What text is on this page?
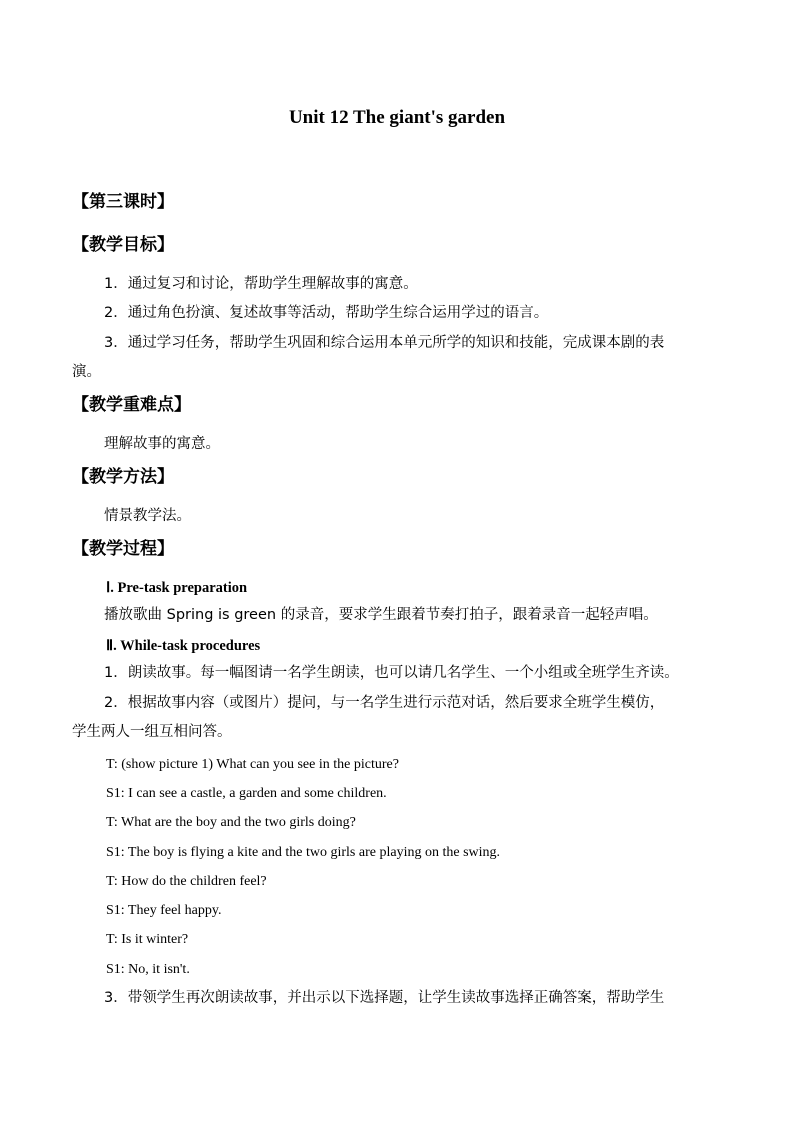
Unit 12 The giant's garden
【第三课时】
【教学目标】
1．通过复习和讨论，帮助学生理解故事的寓意。
2．通过角色扮演、复述故事等活动，帮助学生综合运用学过的语言。
3．通过学习任务，帮助学生巩固和综合运用本单元所学的知识和技能，完成课本剧的表
演。
【教学重难点】
理解故事的寓意。
【教学方法】
情景教学法。
【教学过程】
Ⅰ. Pre-task preparation
播放歌曲 Spring is green 的录音，要求学生跟着节奏打拍子，跟着录音一起轻声唱。
Ⅱ. While-task procedures
1．朗读故事。每一幅图请一名学生朗读，也可以请几名学生、一个小组或全班学生齐读。
2．根据故事内容（或图片）提问，与一名学生进行示范对话，然后要求全班学生模仿，
学生两人一组互相问答。
T: (show picture 1) What can you see in the picture?
S1: I can see a castle, a garden and some children.
T: What are the boy and the two girls doing?
S1: The boy is flying a kite and the two girls are playing on the swing.
T: How do the children feel?
S1: They feel happy.
T: Is it winter?
S1: No, it isn't.
3．带领学生再次朗读故事，并出示以下选择题，让学生读故事选择正确答案，帮助学生
